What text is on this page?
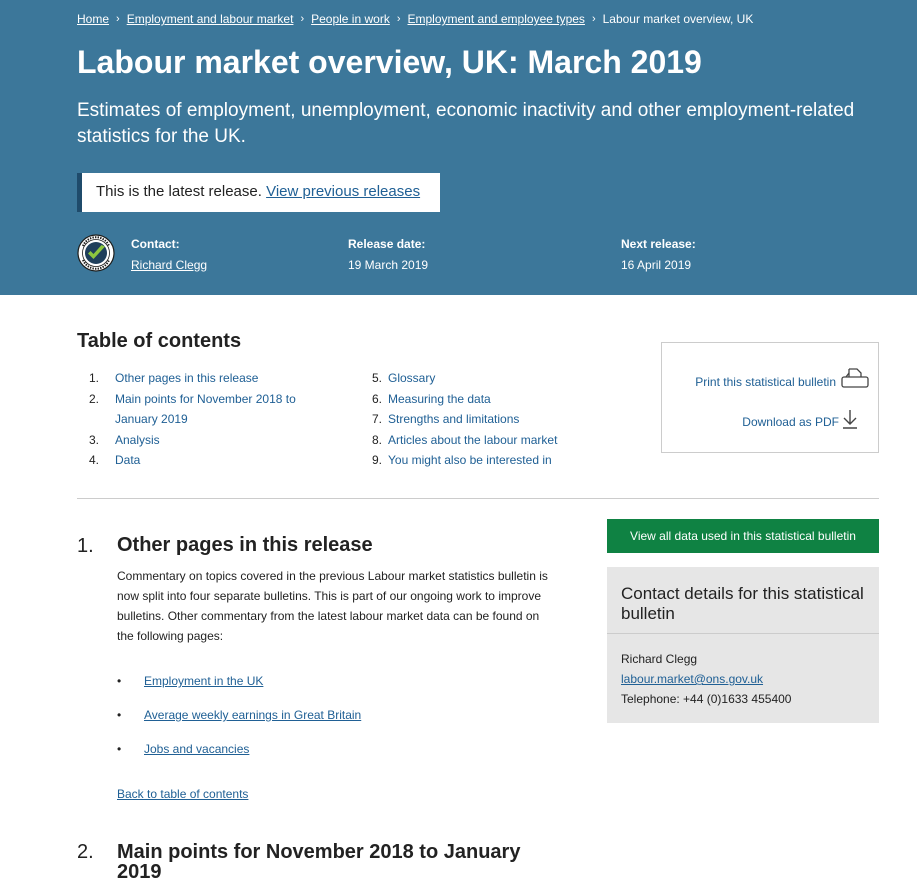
Home › Employment and labour market › People in work › Employment and employee types › Labour market overview, UK
Labour market overview, UK: March 2019

Estimates of employment, unemployment, economic inactivity and other employment-related statistics for the UK.

This is the latest release. View previous releases
Contact:
Richard Clegg
Release date:
19 March 2019
Next release:
16 April 2019
Table of contents
1.	Other pages in this release
2.	Main points for November 2018 to January 2019
3.	Analysis
4.	Data
5. Glossary
6. Measuring the data
7. Strengths and limitations
8. Articles about the labour market
9. You might also be interested in
Print this statistical bulletin
Download as PDF
1. Other pages in this release

Commentary on topics covered in the previous Labour market statistics bulletin is now split into four separate bulletins. This is part of our ongoing work to improve bulletins. Other commentary from the latest labour market data can be found on the following pages:

•	Employment in the UK
•	Average weekly earnings in Great Britain
•	Jobs and vacancies
Back to table of contents
2. Main points for November 2018 to January 2019
View all data used in this statistical bulletin
Contact details for this statistical bulletin
Richard Clegg
labour.market@ons.gov.uk
Telephone: +44 (0)1633 455400
